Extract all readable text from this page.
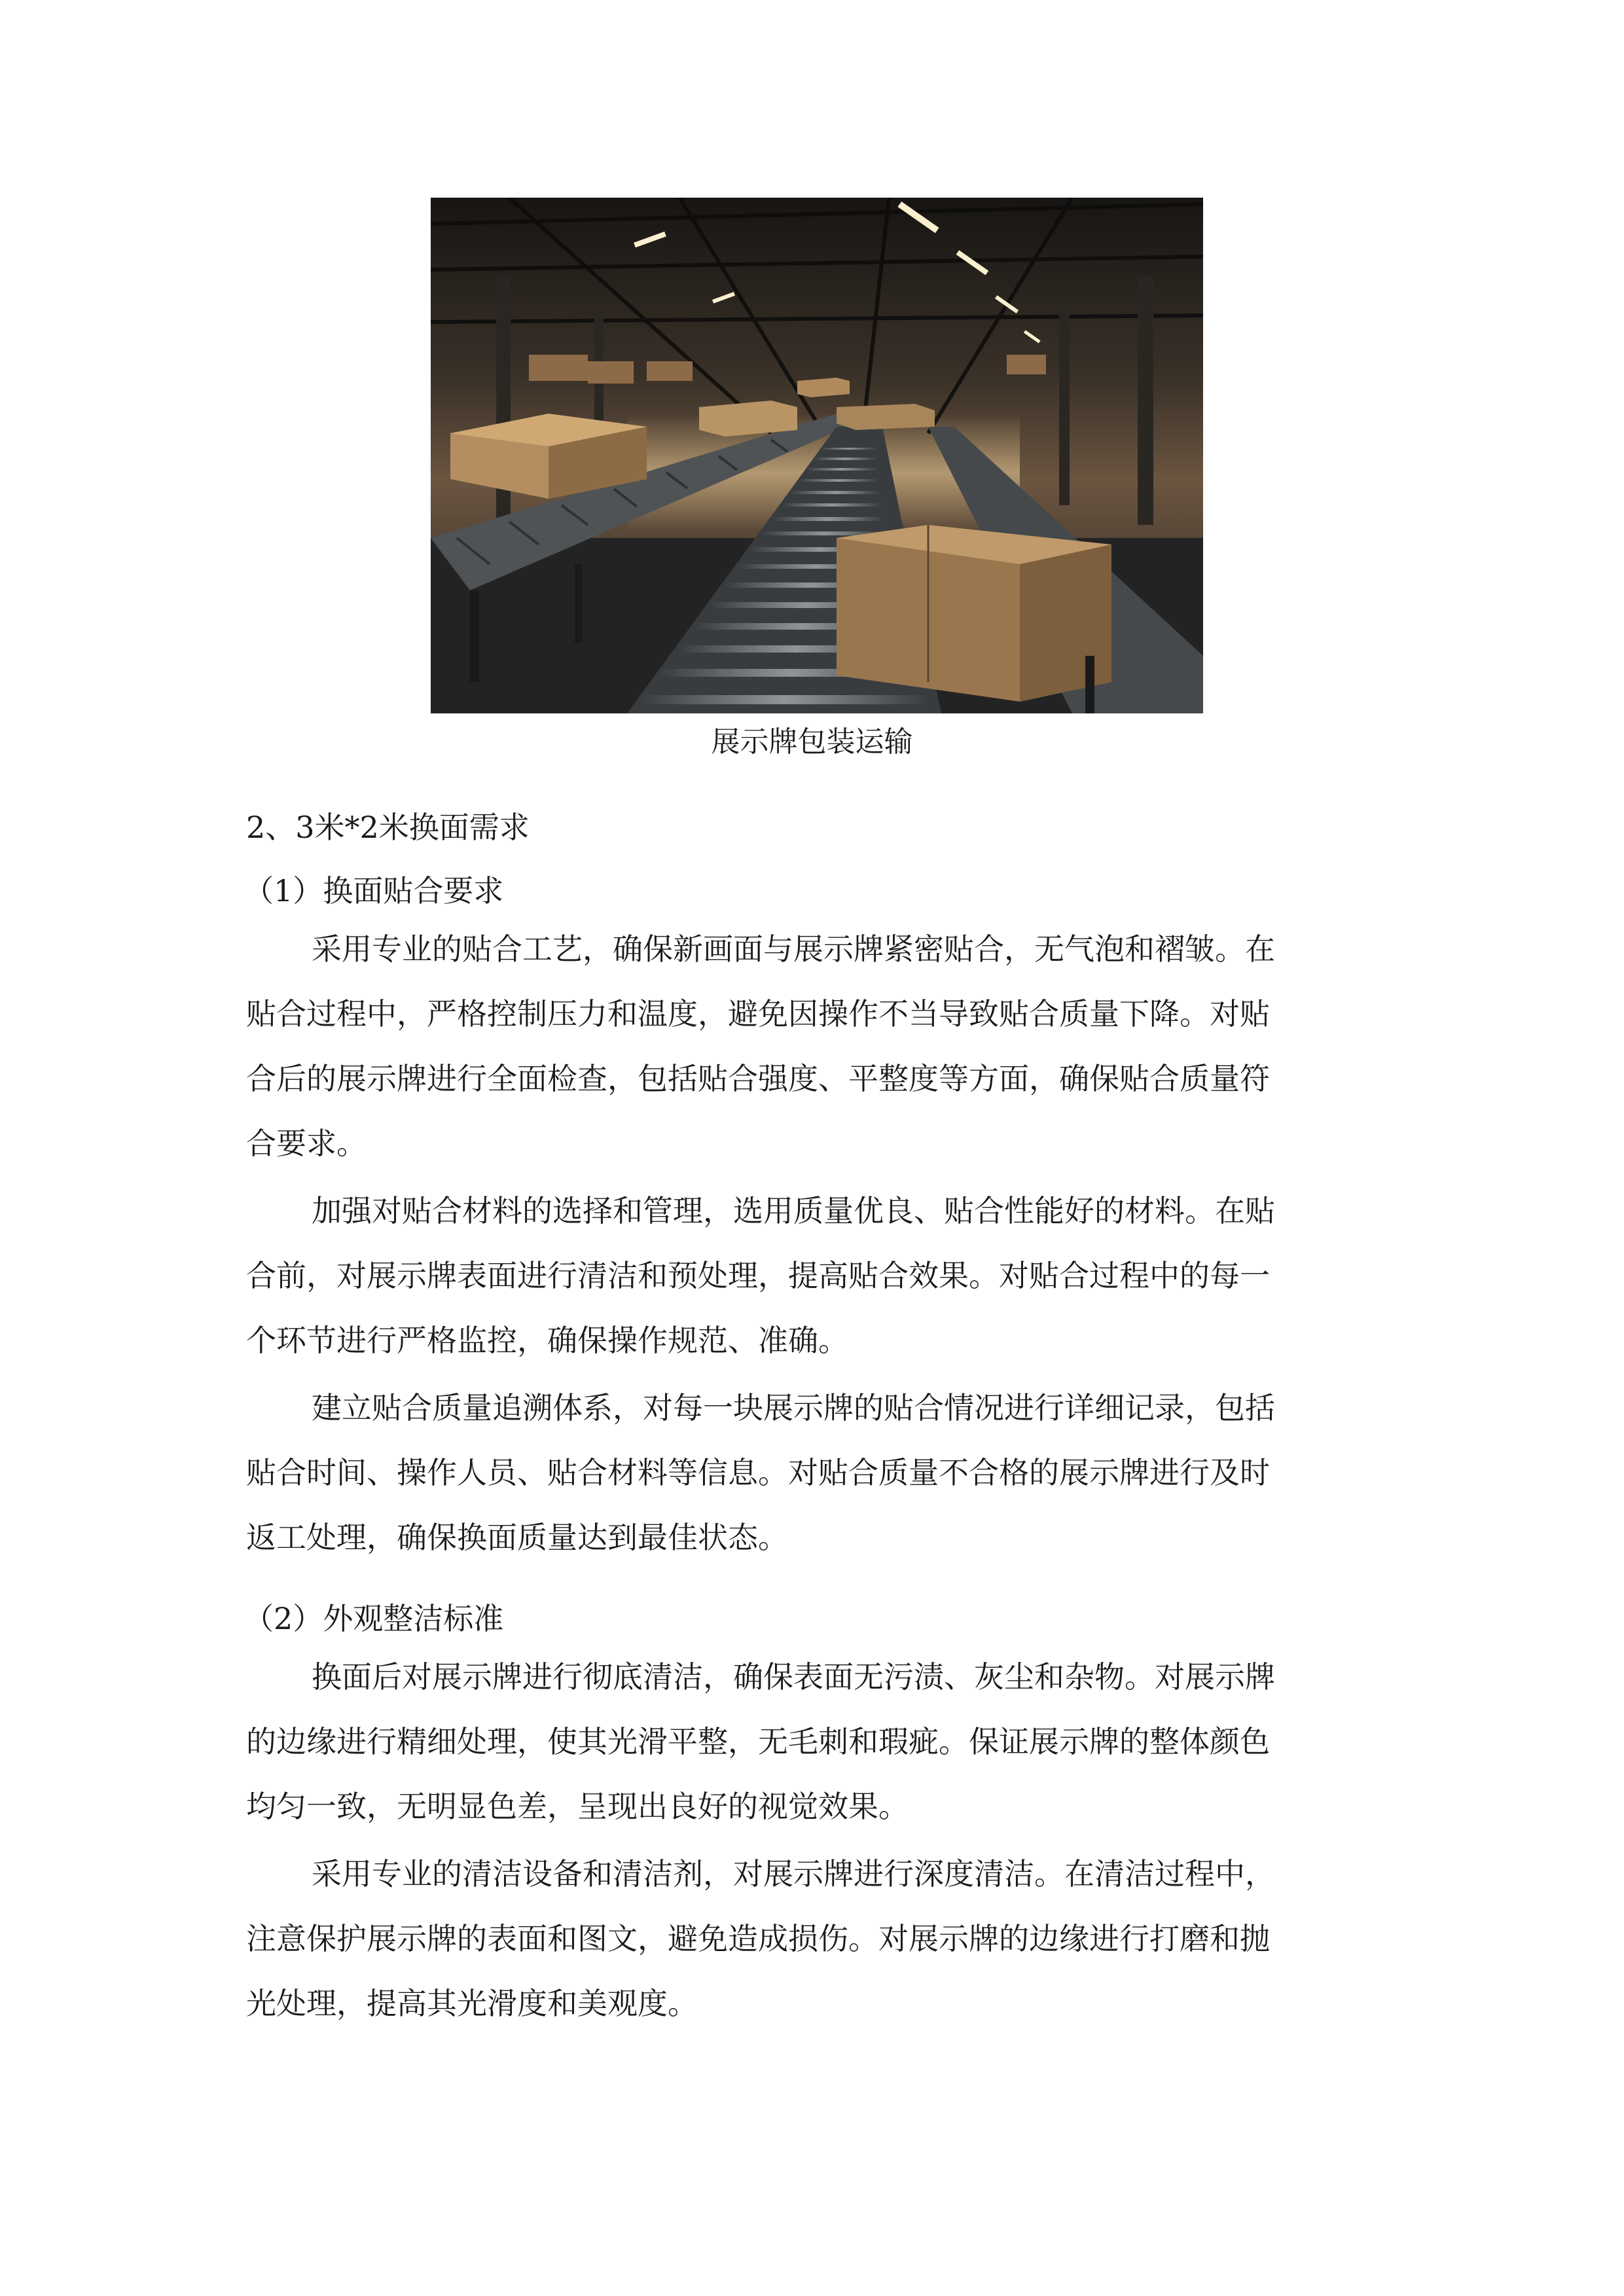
展示牌包装运输
2、3米*2米换面需求
（1）换面贴合要求
采用专业的贴合工艺，确保新画面与展示牌紧密贴合，无气泡和褶皱。在
贴合过程中，严格控制压力和温度，避免因操作不当导致贴合质量下降。对贴
合后的展示牌进行全面检查，包括贴合强度、平整度等方面，确保贴合质量符
合要求。
加强对贴合材料的选择和管理，选用质量优良、贴合性能好的材料。在贴
合前，对展示牌表面进行清洁和预处理，提高贴合效果。对贴合过程中的每一
个环节进行严格监控，确保操作规范、准确。
建立贴合质量追溯体系，对每一块展示牌的贴合情况进行详细记录，包括
贴合时间、操作人员、贴合材料等信息。对贴合质量不合格的展示牌进行及时
返工处理，确保换面质量达到最佳状态。
（2）外观整洁标准
换面后对展示牌进行彻底清洁，确保表面无污渍、灰尘和杂物。对展示牌
的边缘进行精细处理，使其光滑平整，无毛刺和瑕疵。保证展示牌的整体颜色
均匀一致，无明显色差，呈现出良好的视觉效果。
采用专业的清洁设备和清洁剂，对展示牌进行深度清洁。在清洁过程中，
注意保护展示牌的表面和图文，避免造成损伤。对展示牌的边缘进行打磨和抛
光处理，提高其光滑度和美观度。
